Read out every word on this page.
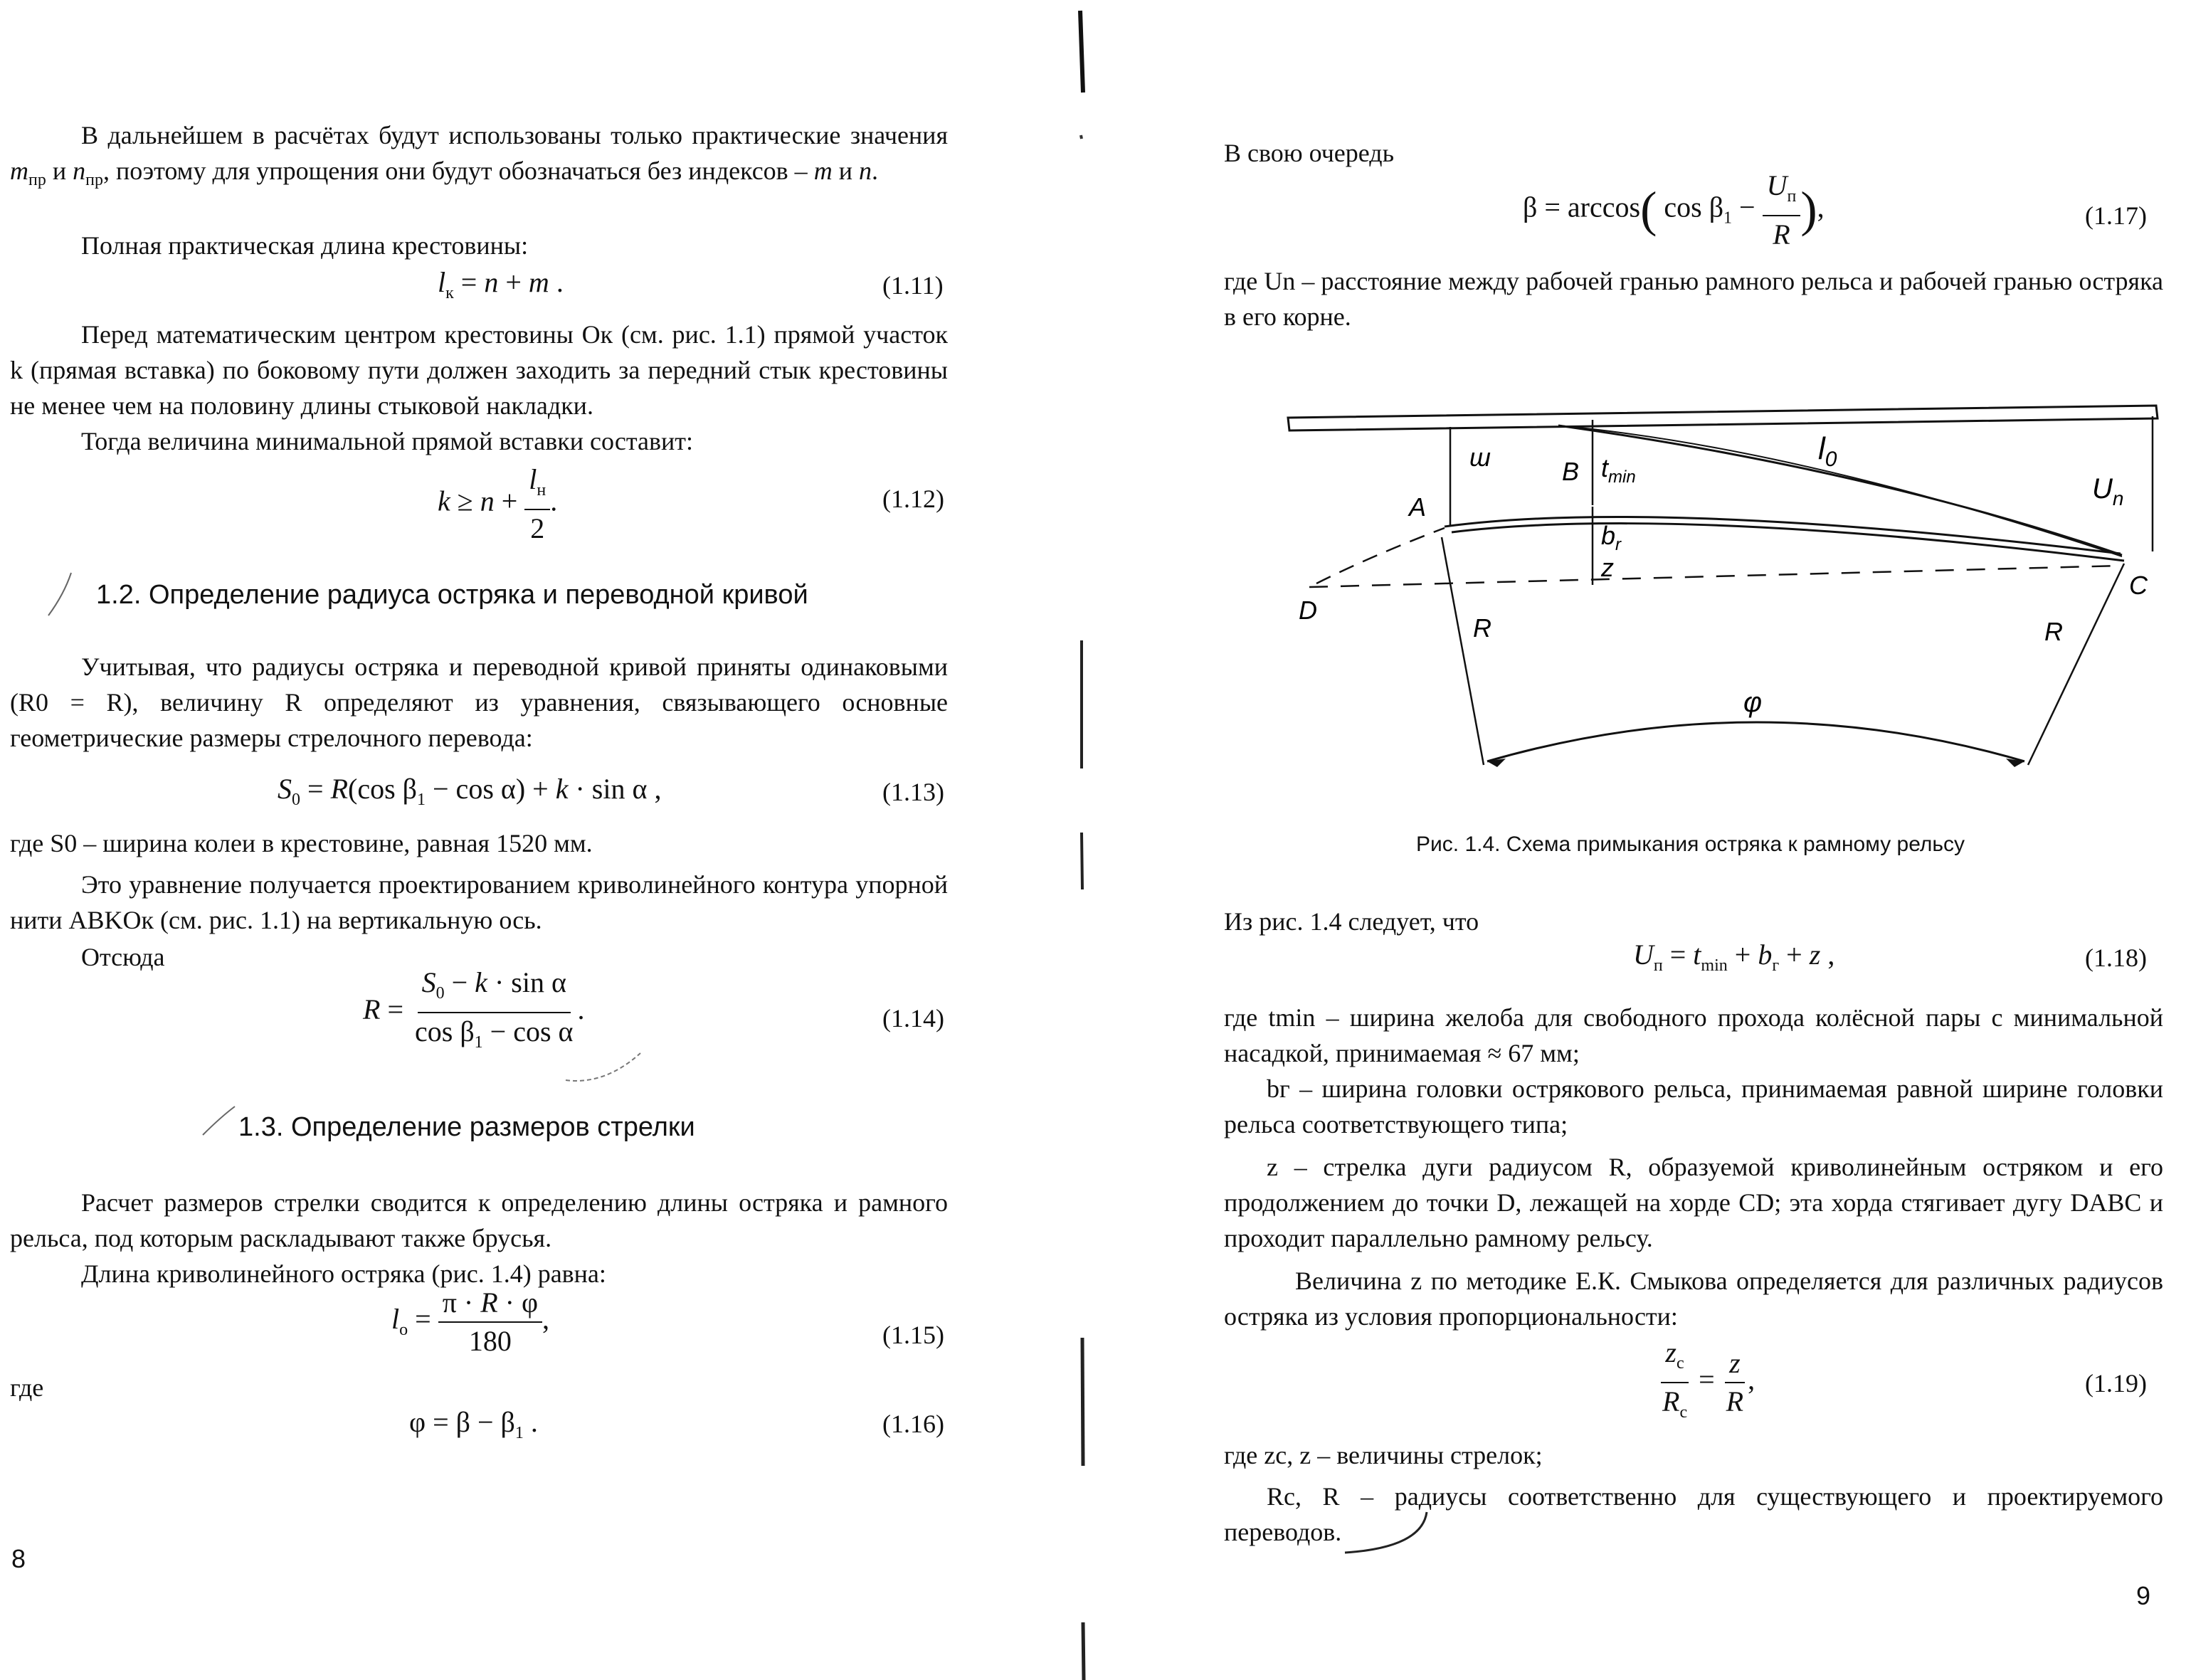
В дальнейшем в расчётах будут использованы только практические значения $m_{пр}$ и $n_{пр}$, поэтому для упрощения они будут обозначаться без индексов – m и n.

Полная практическая длина крестовины:

$l_к = n + m$ .	(1.11)

Перед математическим центром крестовины Oк (см. рис. 1.1) прямой участок k (прямая вставка) по боковому пути должен заходить за передний стык крестовины не менее чем на половину длины стыковой накладки.

Тогда величина минимальной прямой вставки составит:

$k \ge n + \frac{l_н}{2}$ .	(1.12)
1.2. Определение радиуса остряка и переводной кривой

Учитывая, что радиусы остряка и переводной кривой приняты одинаковыми (R0 = R), величину R определяют из уравнения, связывающего основные геометрические размеры стрелочного перевода:

$S_0 = R(\cos$ $\beta_1 - \cos \alpha) + k \cdot \sin \alpha$ ,	(1.13)

где S0 – ширина колеи в крестовине, равная 1520 мм.

Это уравнение получается проектированием криволинейного контура упорной нити ABKOк (см. рис. 1.1) на вертикальную ось.

Отсюда

$R = \frac{S_0 - k \cdot \sin \alpha}{\cos \beta_1 - \cos \alpha}$ .	(1.14)
1.3. Определение размеров стрелки

Расчет размеров стрелки сводится к определению длины остряка и рамного рельса, под которым раскладывают также брусья.

Длина криволинейного остряка (рис. 1.4) равна:

$l_о = \frac{\pi \cdot R \cdot \varphi}{180}$ ,	(1.15)

где

$\varphi = \beta - \beta_1$ .	(1.16)
8

В свою очередь

β = arccos( $\cos \beta_1 - \frac{U_п}{R}$ ),	(1.17)

где Un – расстояние между рабочей гранью рамного рельса и рабочей гранью остряка в его корне.

ш	В $t_{min}$
$l_0$
$U_n$
A
$b_r$
z
D
C
R	R
φ
Рис. 1.4. Схема примыкания остряка к рамному рельсу

Из рис. 1.4 следует, что

$U_п = t_{min} + b_г + z$ ,	(1.18)

где tmin – ширина желоба для свободного прохода колёсной пары с минимальной насадкой, принимаемая ≈ 67 мм;

bг – ширина головки острякового рельса, принимаемая равной ширине головки рельса соответствующего типа;

z – стрелка дуги радиусом R, образуемой криволинейным остряком и его продолжением до точки D, лежащей на хорде CD; эта хорда стягивает дугу DABC и проходит параллельно рамному рельсу.

Величина z по методике Е.К. Смыкова определяется для различных радиусов остряка из условия пропорциональности:

$\frac{z_с}{R_с} = \frac{z}{R}$ ,	(1.19)

где zc, z – величины стрелок;

Rc, R – радиусы соответственно для существующего и проектируемого переводов.

9
